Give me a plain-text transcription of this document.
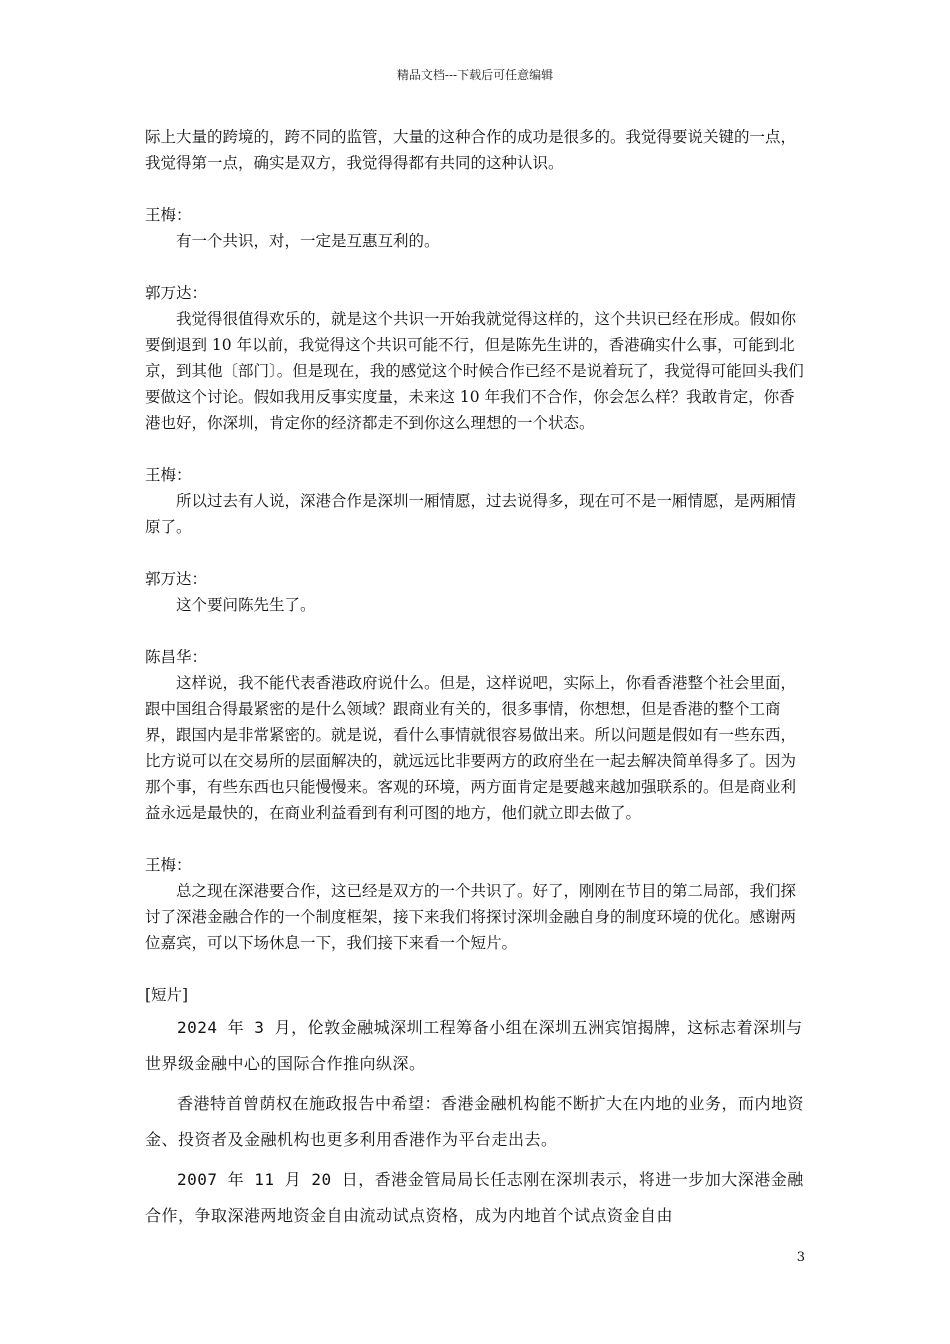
精品文档---下载后可任意编辑

际上大量的跨境的，跨不同的监管，大量的这种合作的成功是很多的。我觉得要说关键的一点，我觉得第一点，确实是双方，我觉得得都有共同的这种认识。

王梅：

有一个共识，对，一定是互惠互利的。

郭万达：

我觉得很值得欢乐的，就是这个共识一开始我就觉得这样的，这个共识已经在形成。假如你要倒退到 10 年以前，我觉得这个共识可能不行，但是陈先生讲的，香港确实什么事，可能到北京，到其他〔部门〕。但是现在，我的感觉这个时候合作已经不是说着玩了，我觉得可能回头我们要做这个讨论。假如我用反事实度量，未来这 10 年我们不合作，你会怎么样？我敢肯定，你香港也好，你深圳，肯定你的经济都走不到你这么理想的一个状态。

王梅：

所以过去有人说，深港合作是深圳一厢情愿，过去说得多，现在可不是一厢情愿，是两厢情原了。

郭万达：

这个要问陈先生了。

陈昌华：

这样说，我不能代表香港政府说什么。但是，这样说吧，实际上，你看香港整个社会里面，跟中国组合得最紧密的是什么领域？跟商业有关的，很多事情，你想想，但是香港的整个工商界，跟国内是非常紧密的。就是说，看什么事情就很容易做出来。所以问题是假如有一些东西，比方说可以在交易所的层面解决的，就远远比非要两方的政府坐在一起去解决简单得多了。因为那个事，有些东西也只能慢慢来。客观的环境，两方面肯定是要越来越加强联系的。但是商业利益永远是最快的，在商业利益看到有利可图的地方，他们就立即去做了。

王梅：

总之现在深港要合作，这已经是双方的一个共识了。好了，刚刚在节目的第二局部，我们探讨了深港金融合作的一个制度框架，接下来我们将探讨深圳金融自身的制度环境的优化。感谢两位嘉宾，可以下场休息一下，我们接下来看一个短片。

[短片]

2024 年 3 月，伦敦金融城深圳工程筹备小组在深圳五洲宾馆揭牌，这标志着深圳与世界级金融中心的国际合作推向纵深。

香港特首曾荫权在施政报告中希望：香港金融机构能不断扩大在内地的业务，而内地资金、投资者及金融机构也更多利用香港作为平台走出去。

2007 年 11 月 20 日，香港金管局局长任志刚在深圳表示，将进一步加大深港金融合作，争取深港两地资金自由流动试点资格，成为内地首个试点资金自由

3
